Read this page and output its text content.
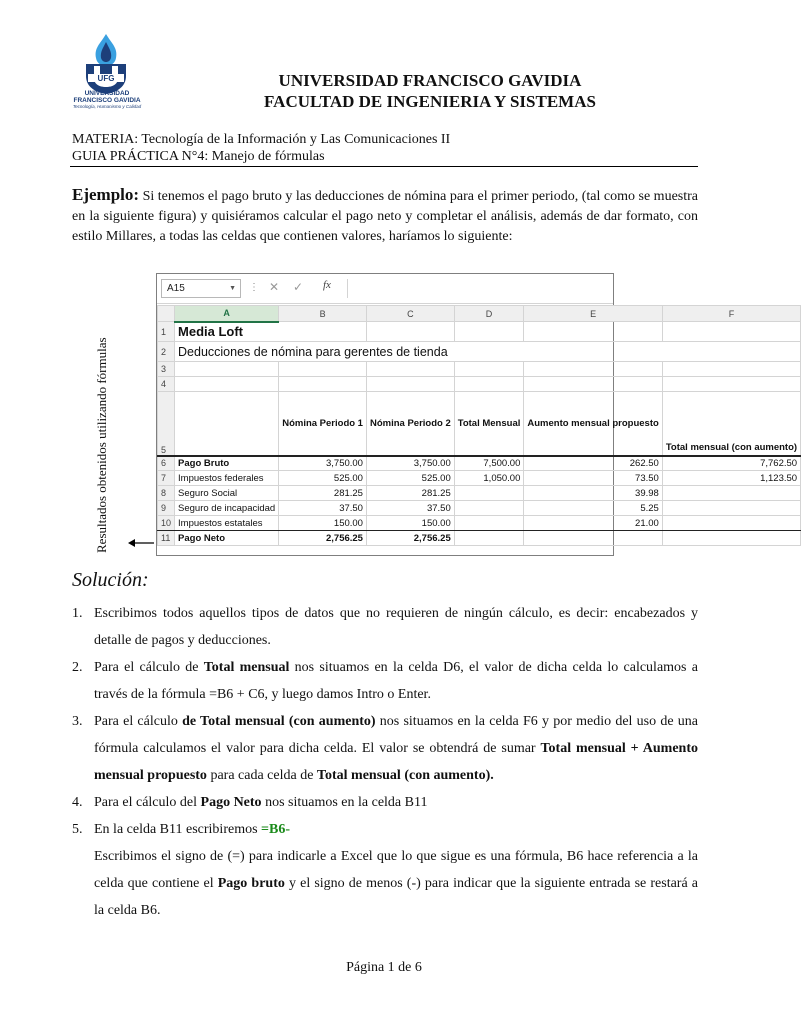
UFG
UNIVERSIDAD
FRANCISCO GAVIDIA
Tecnología, Humanismo y Calidad
UNIVERSIDAD FRANCISCO GAVIDIA
FACULTAD DE INGENIERIA Y SISTEMAS
MATERIA: Tecnología de la Información y Las Comunicaciones II
GUIA PRÁCTICA N°4: Manejo de fórmulas

Ejemplo: Si tenemos el pago bruto y las deducciones de nómina para el primer periodo, (tal como se muestra en la siguiente figura) y quisiéramos calcular el pago neto y completar el análisis, además de dar formato, con estilo Millares, a todas las celdas que contienen valores, haríamos lo siguiente:

A15	▼ ⋮ ✕ ✓ fx
	A	B	C	D	E	F
1	Media Loft					
2	Deducciones de nómina para gerentes de tienda					
3						
4						
5		Nómina Periodo 1	Nómina Periodo 2	Total Mensual	Aumento mensual propuesto	Total mensual (con aumento)
6	Pago Bruto	3,750.00	3,750.00	7,500.00	262.50	7,762.50
7	Impuestos federales	525.00	525.00	1,050.00	73.50	1,123.50
8	Seguro Social	281.25	281.25		39.98	
9	Seguro de incapacidad	37.50	37.50		5.25	
10	Impuestos estatales	150.00	150.00		21.00	
11	Pago Neto	2,756.25	2,756.25			
Resultados obtenidos utilizando fórmulas
Solución:
1. Escribimos todos aquellos tipos de datos que no requieren de ningún cálculo, es decir: encabezados y detalle de pagos y deducciones.
2. Para el cálculo de Total mensual nos situamos en la celda D6, el valor de dicha celda lo calculamos a través de la fórmula =B6 + C6, y luego damos Intro o Enter.
3. Para el cálculo de Total mensual (con aumento) nos situamos en la celda F6 y por medio del uso de una fórmula calculamos el valor para dicha celda. El valor se obtendrá de sumar Total mensual + Aumento mensual propuesto para cada celda de Total mensual (con aumento).
4. Para el cálculo del Pago Neto nos situamos en la celda B11
5. En la celda B11 escribiremos =B6-
Escribimos el signo de (=) para indicarle a Excel que lo que sigue es una fórmula, B6 hace referencia a la celda que contiene el Pago bruto y el signo de menos (-) para indicar que la siguiente entrada se restará a la celda B6.
Página 1 de 6
